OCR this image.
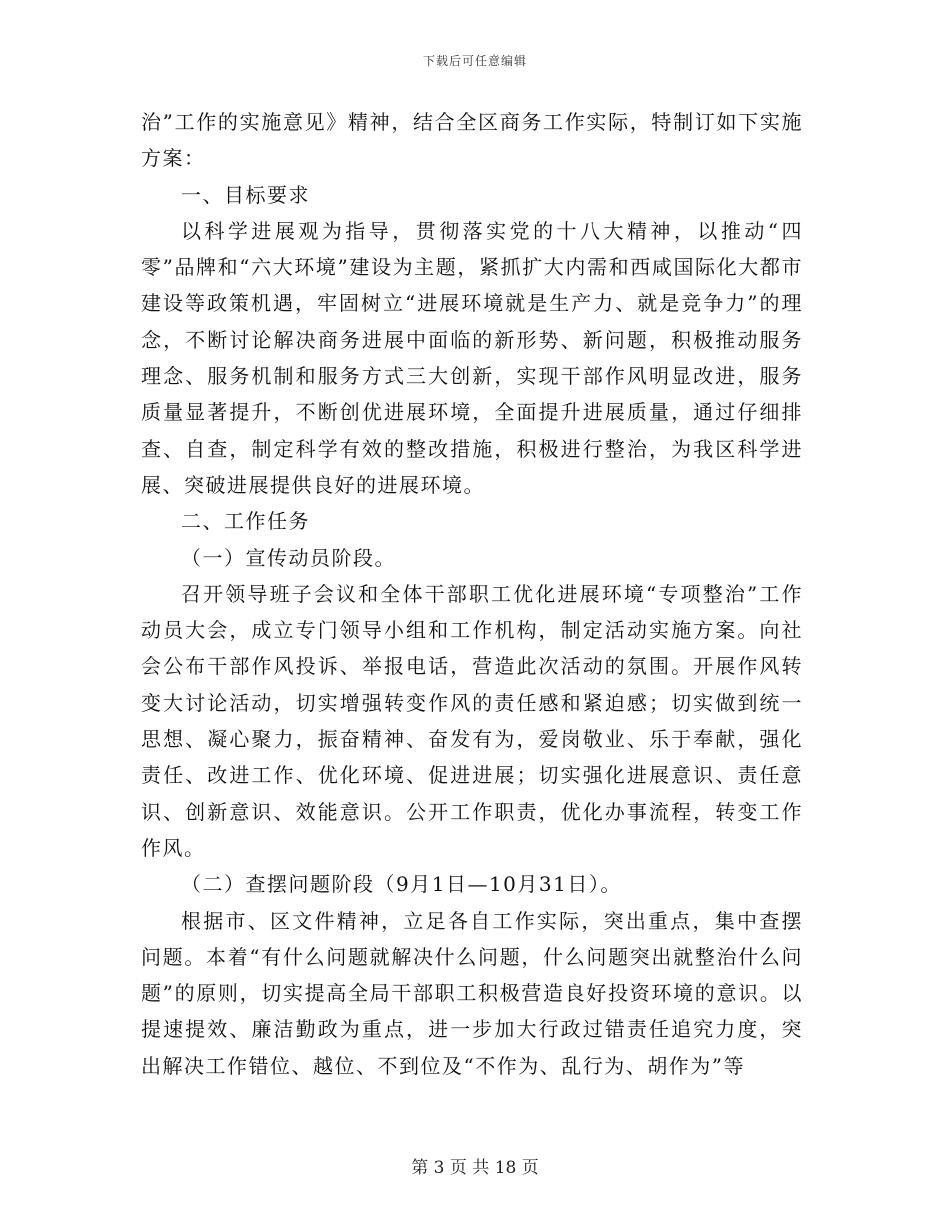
下载后可任意编辑

治”工作的实施意见》精神，结合全区商务工作实际，特制订如下实施方案：

一、目标要求

以科学进展观为指导，贯彻落实党的十八大精神，以推动“四零”品牌和“六大环境”建设为主题，紧抓扩大内需和西咸国际化大都市建设等政策机遇，牢固树立“进展环境就是生产力、就是竞争力”的理念，不断讨论解决商务进展中面临的新形势、新问题，积极推动服务理念、服务机制和服务方式三大创新，实现干部作风明显改进，服务质量显著提升，不断创优进展环境，全面提升进展质量，通过仔细排查、自查，制定科学有效的整改措施，积极进行整治，为我区科学进展、突破进展提供良好的进展环境。

二、工作任务

（一）宣传动员阶段。

召开领导班子会议和全体干部职工优化进展环境“专项整治”工作动员大会，成立专门领导小组和工作机构，制定活动实施方案。向社会公布干部作风投诉、举报电话，营造此次活动的氛围。开展作风转变大讨论活动，切实增强转变作风的责任感和紧迫感；切实做到统一思想、凝心聚力，振奋精神、奋发有为，爱岗敬业、乐于奉献，强化责任、改进工作、优化环境、促进进展；切实强化进展意识、责任意识、创新意识、效能意识。公开工作职责，优化办事流程，转变工作作风。

（二）查摆问题阶段（9月1日—10月31日）。

根据市、区文件精神，立足各自工作实际，突出重点，集中查摆问题。本着“有什么问题就解决什么问题，什么问题突出就整治什么问题”的原则，切实提高全局干部职工积极营造良好投资环境的意识。以提速提效、廉洁勤政为重点，进一步加大行政过错责任追究力度，突出解决工作错位、越位、不到位及“不作为、乱行为、胡作为”等

第 3 页 共 18 页
